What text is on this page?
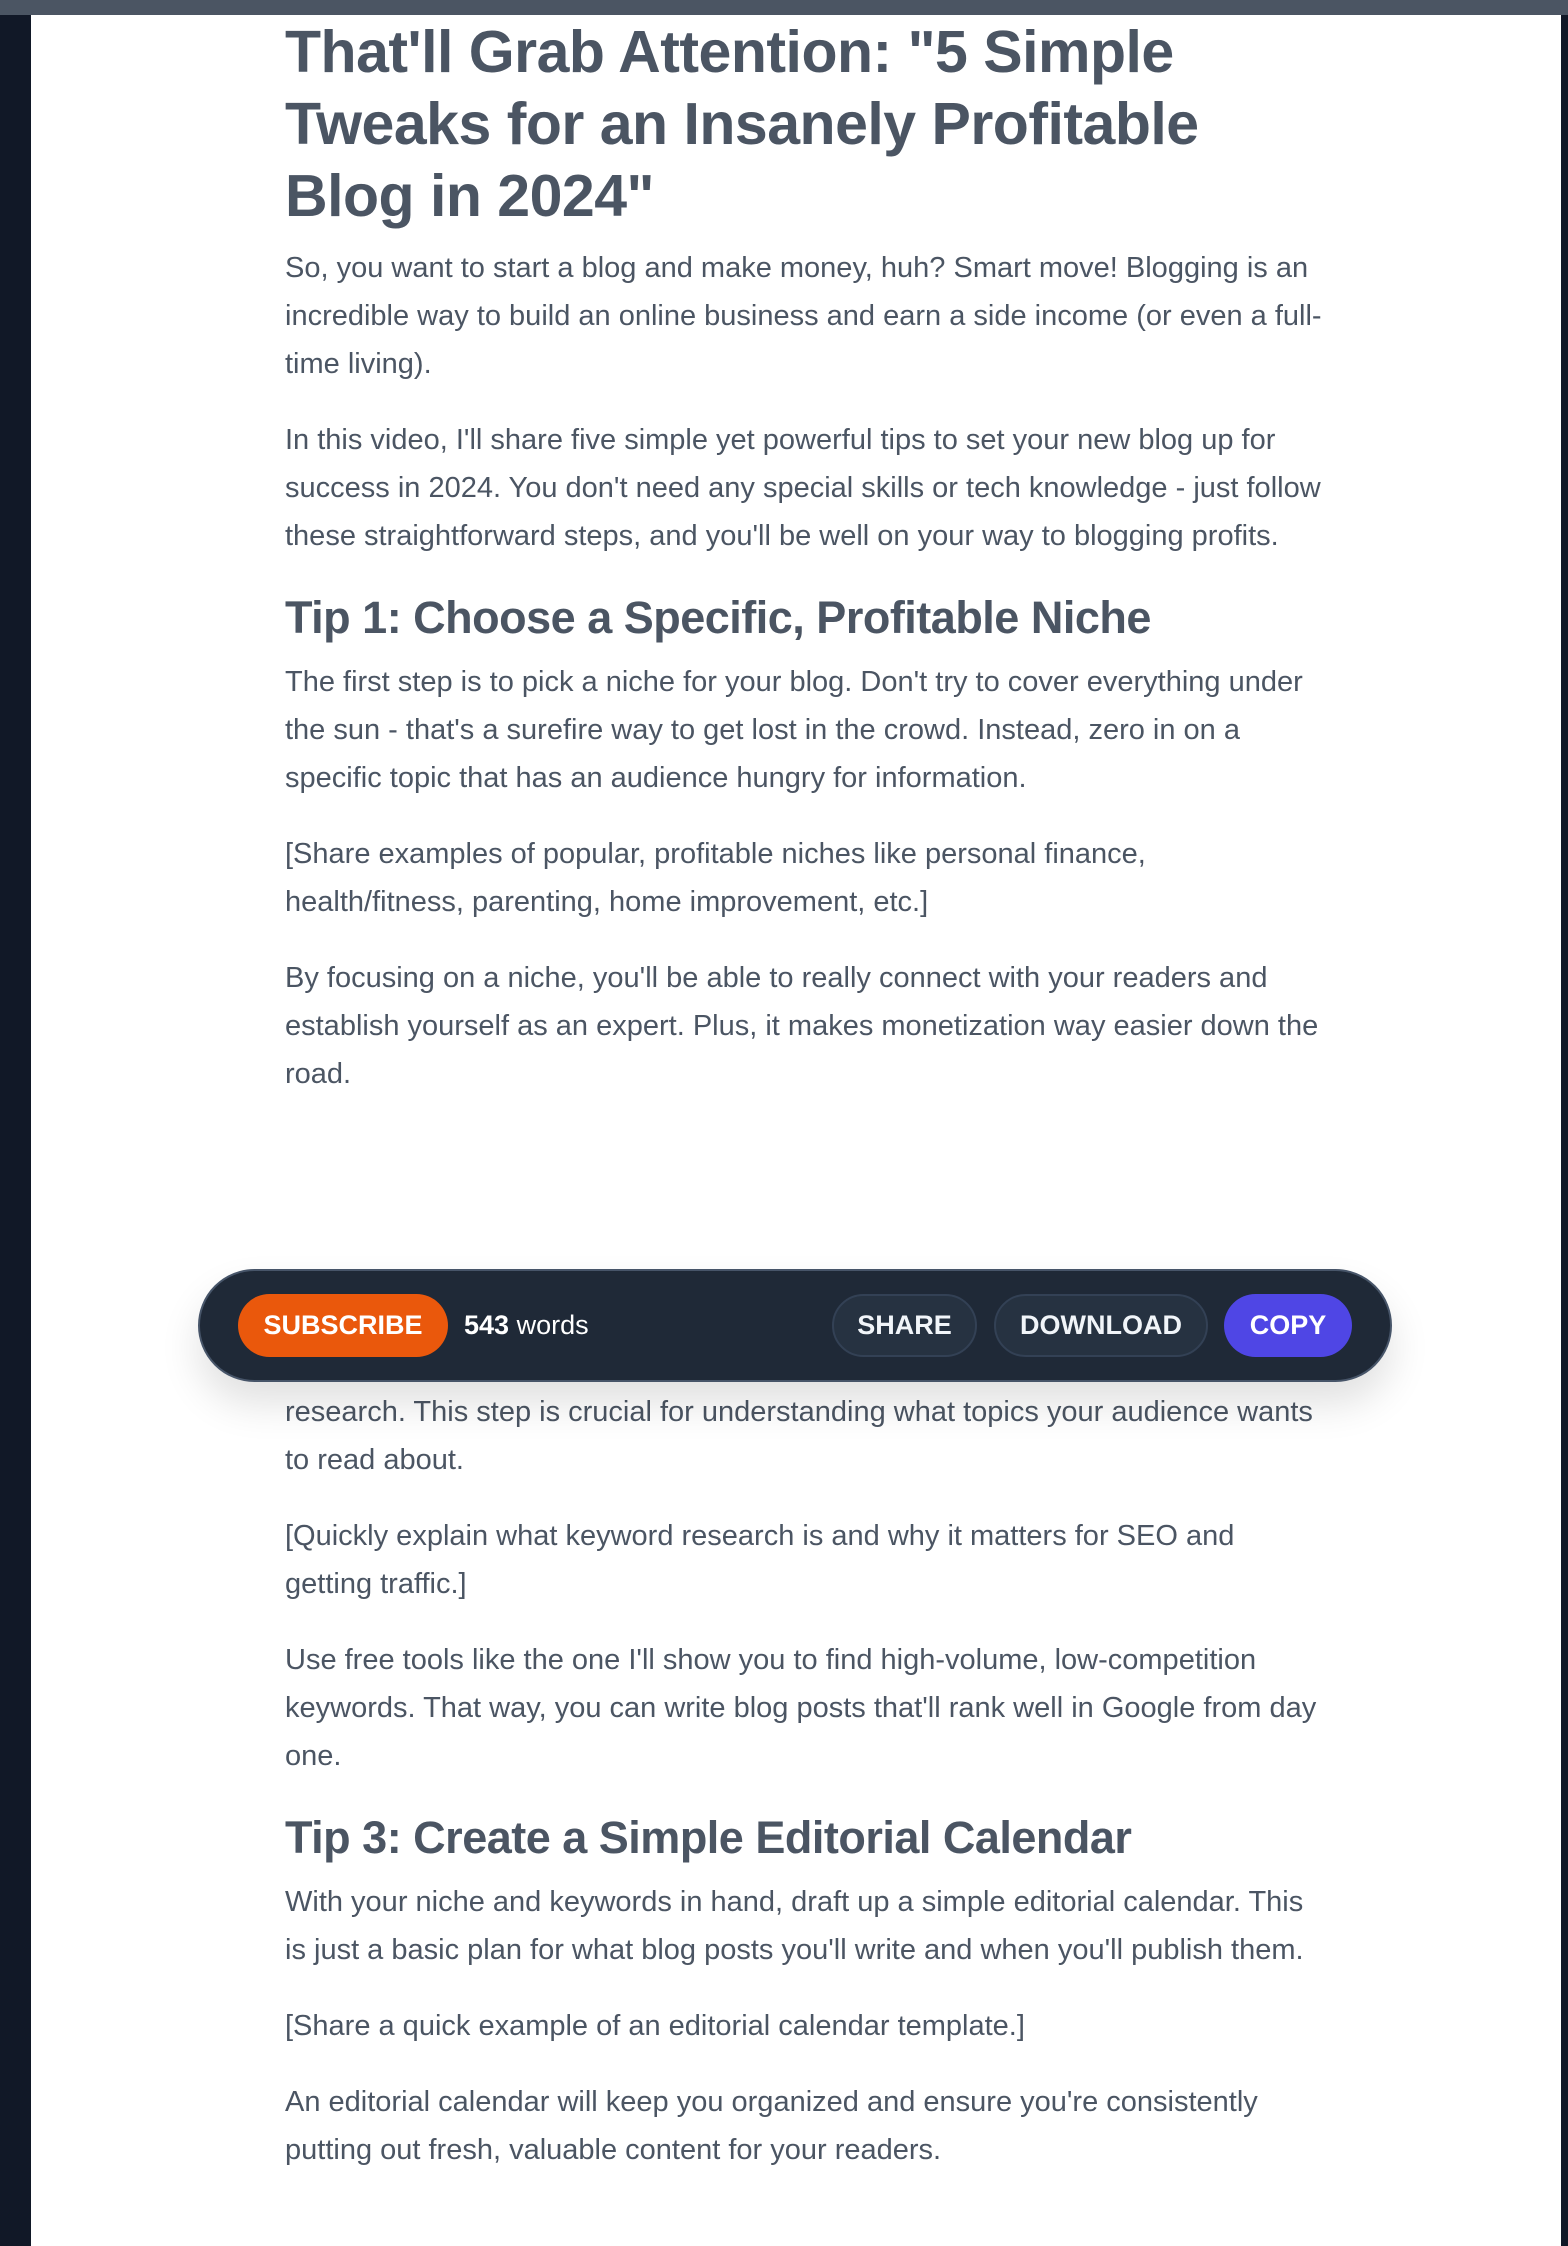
That'll Grab Attention: "5 Simple Tweaks for an Insanely Profitable Blog in 2024"

So, you want to start a blog and make money, huh? Smart move! Blogging is an incredible way to build an online business and earn a side income (or even a full-time living).

In this video, I'll share five simple yet powerful tips to set your new blog up for success in 2024. You don't need any special skills or tech knowledge - just follow these straightforward steps, and you'll be well on your way to blogging profits.

Tip 1: Choose a Specific, Profitable Niche

The first step is to pick a niche for your blog. Don't try to cover everything under the sun - that's a surefire way to get lost in the crowd. Instead, zero in on a specific topic that has an audience hungry for information.

[Share examples of popular, profitable niches like personal finance, health/fitness, parenting, home improvement, etc.]

By focusing on a niche, you'll be able to really connect with your readers and establish yourself as an expert. Plus, it makes monetization way easier down the road.

research. This step is crucial for understanding what topics your audience wants to read about.

[Quickly explain what keyword research is and why it matters for SEO and getting traffic.]

Use free tools like the one I'll show you to find high-volume, low-competition keywords. That way, you can write blog posts that'll rank well in Google from day one.

Tip 3: Create a Simple Editorial Calendar

With your niche and keywords in hand, draft up a simple editorial calendar. This is just a basic plan for what blog posts you'll write and when you'll publish them.

[Share a quick example of an editorial calendar template.]

An editorial calendar will keep you organized and ensure you're consistently putting out fresh, valuable content for your readers.

SUBSCRIBE	543 words	SHARE	DOWNLOAD	COPY
